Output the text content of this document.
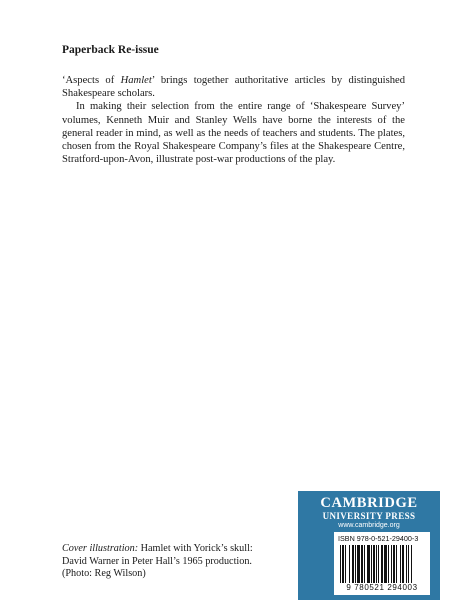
Paperback Re-issue

‘Aspects of Hamlet’ brings together authoritative articles by distinguished Shakespeare scholars.

In making their selection from the entire range of ‘Shakespeare Survey’ volumes, Kenneth Muir and Stanley Wells have borne the interests of the general reader in mind, as well as the needs of teachers and students. The plates, chosen from the Royal Shakespeare Company’s files at the Shakespeare Centre, Stratford-upon-Avon, illustrate post-war productions of the play.

Cover illustration: Hamlet with Yorick’s skull:
David Warner in Peter Hall’s 1965 production.
(Photo: Reg Wilson)
CAMBRIDGE
UNIVERSITY PRESS
www.cambridge.org
ISBN 978-0-521-29400-3
9 780521 294003
